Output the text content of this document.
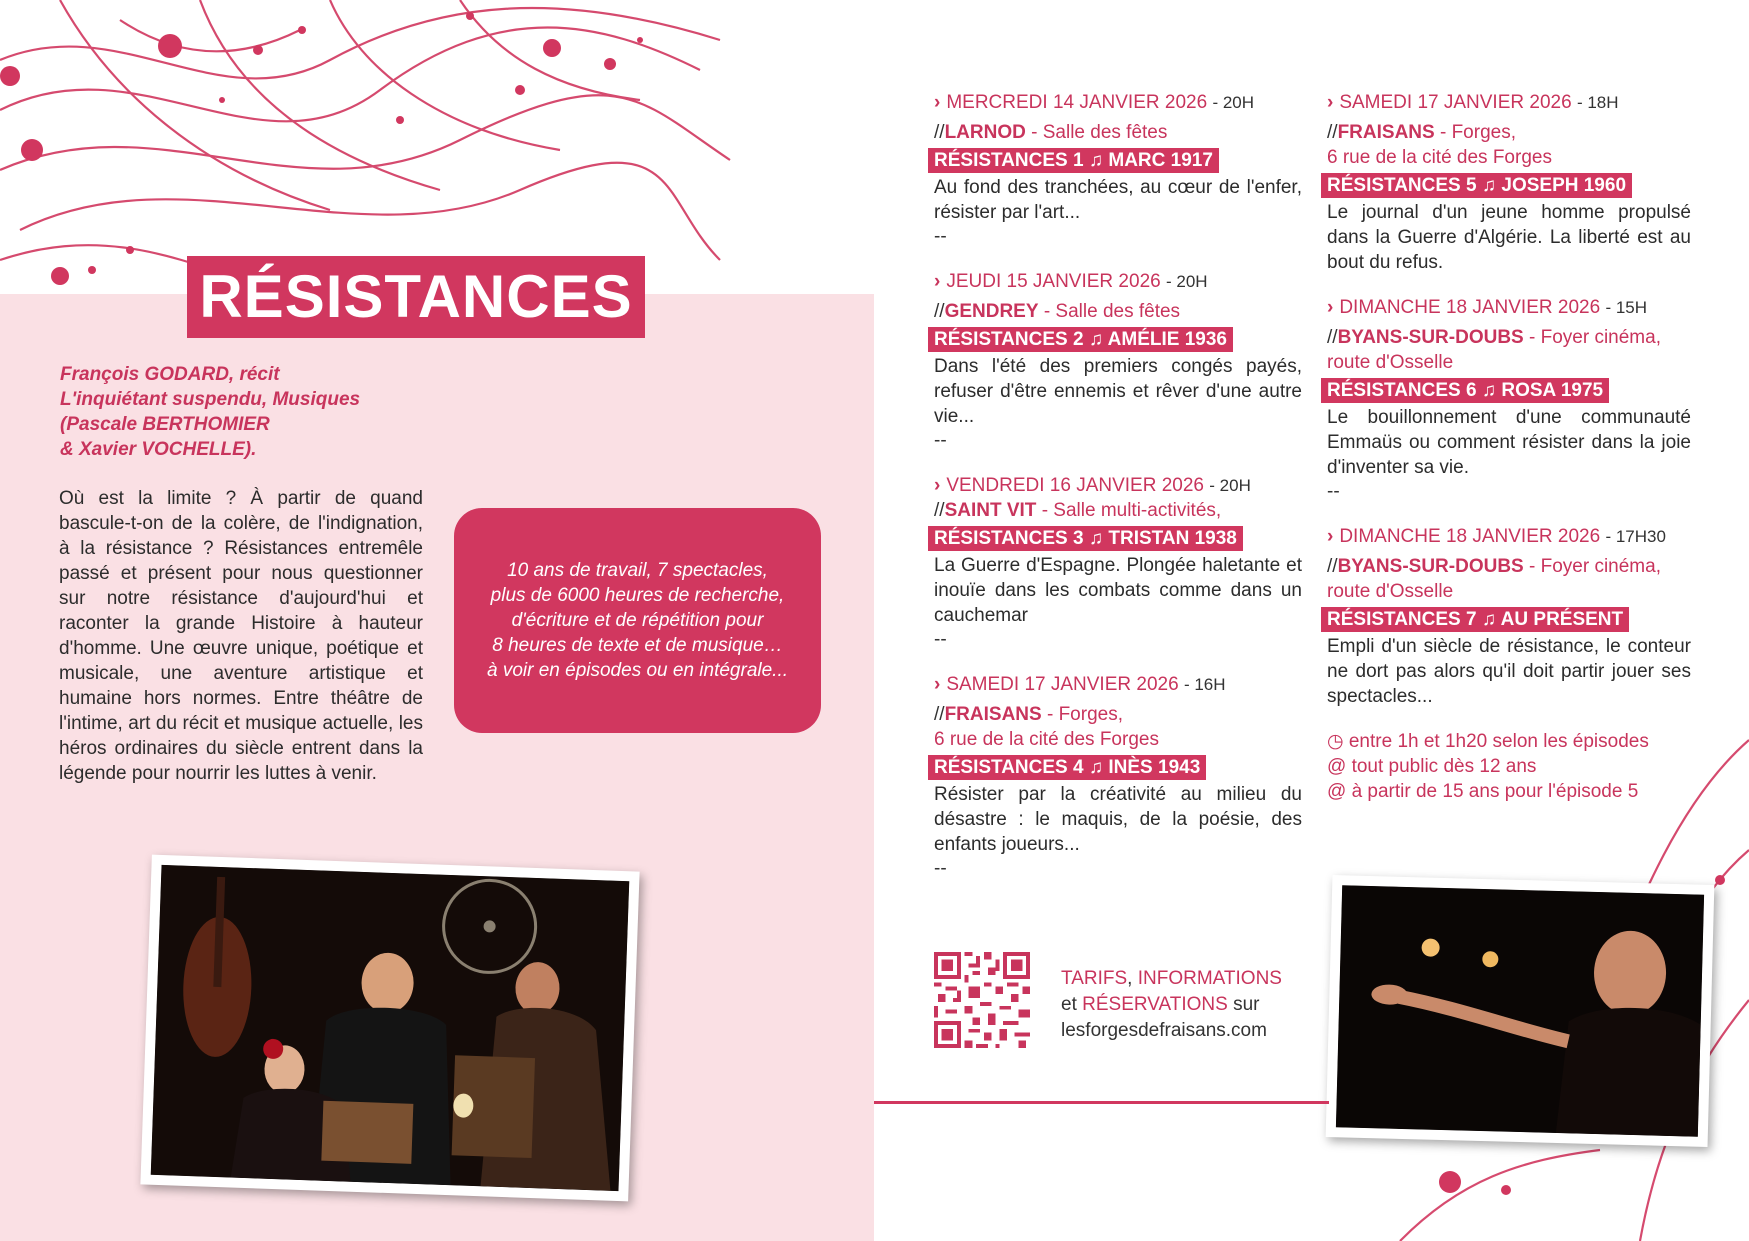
RÉSISTANCES
François GODARD, récit
L'inquiétant suspendu, Musiques
(Pascale BERTHOMIER
& Xavier VOCHELLE).

Où est la limite ? À partir de quand bascule-t-on de la colère, de l'indignation, à la résistance ? Résistances entremêle passé et présent pour nous questionner sur notre résistance d'aujourd'hui et raconter la grande Histoire à hauteur d'homme. Une œuvre unique, poétique et musicale, une aventure artistique et humaine hors normes. Entre théâtre de l'intime, art du récit et musique actuelle, les héros ordinaires du siècle entrent dans la légende pour nourrir les luttes à venir.

10 ans de travail, 7 spectacles,
plus de 6000 heures de recherche,
d'écriture et de répétition pour
8 heures de texte et de musique…
à voir en épisodes ou en intégrale...
› MERCREDI 14 JANVIER 2026 - 20H
//LARNOD - Salle des fêtes
RÉSISTANCES 1 ♫ MARC 1917
Au fond des tranchées, au cœur de l'enfer, résister par l'art...
--
› JEUDI 15 JANVIER 2026 - 20H
//GENDREY - Salle des fêtes
RÉSISTANCES 2 ♫ AMÉLIE 1936
Dans l'été des premiers congés payés, refuser d'être ennemis et rêver d'une autre vie...
--
› VENDREDI 16 JANVIER 2026 - 20H
//SAINT VIT - Salle multi-activités,
RÉSISTANCES 3 ♫ TRISTAN 1938
La Guerre d'Espagne. Plongée haletante et inouïe dans les combats comme dans un cauchemar
--
› SAMEDI 17 JANVIER 2026 - 16H
//FRAISANS - Forges,
6 rue de la cité des Forges
RÉSISTANCES 4 ♫ INÈS 1943
Résister par la créativité au milieu du désastre : le maquis, de la poésie, des enfants joueurs...
--
› SAMEDI 17 JANVIER 2026 - 18H
//FRAISANS - Forges,
6 rue de la cité des Forges
RÉSISTANCES 5 ♫ JOSEPH 1960
Le journal d'un jeune homme propulsé dans la Guerre d'Algérie. La liberté est au bout du refus.
› DIMANCHE 18 JANVIER 2026 - 15H
//BYANS-SUR-DOUBS - Foyer cinéma,
route d'Osselle
RÉSISTANCES 6 ♫ ROSA 1975
Le bouillonnement d'une communauté Emmaüs ou comment résister dans la joie d'inventer sa vie.
--
› DIMANCHE 18 JANVIER 2026 - 17H30
//BYANS-SUR-DOUBS - Foyer cinéma,
route d'Osselle
RÉSISTANCES 7 ♫ AU PRÉSENT
Empli d'un siècle de résistance, le conteur ne dort pas alors qu'il doit partir jouer ses spectacles...
◷ entre 1h et 1h20 selon les épisodes
@ tout public dès 12 ans
@ à partir de 15 ans pour l'épisode 5
TARIFS, INFORMATIONS
et RÉSERVATIONS sur
lesforgesdefraisans.com
